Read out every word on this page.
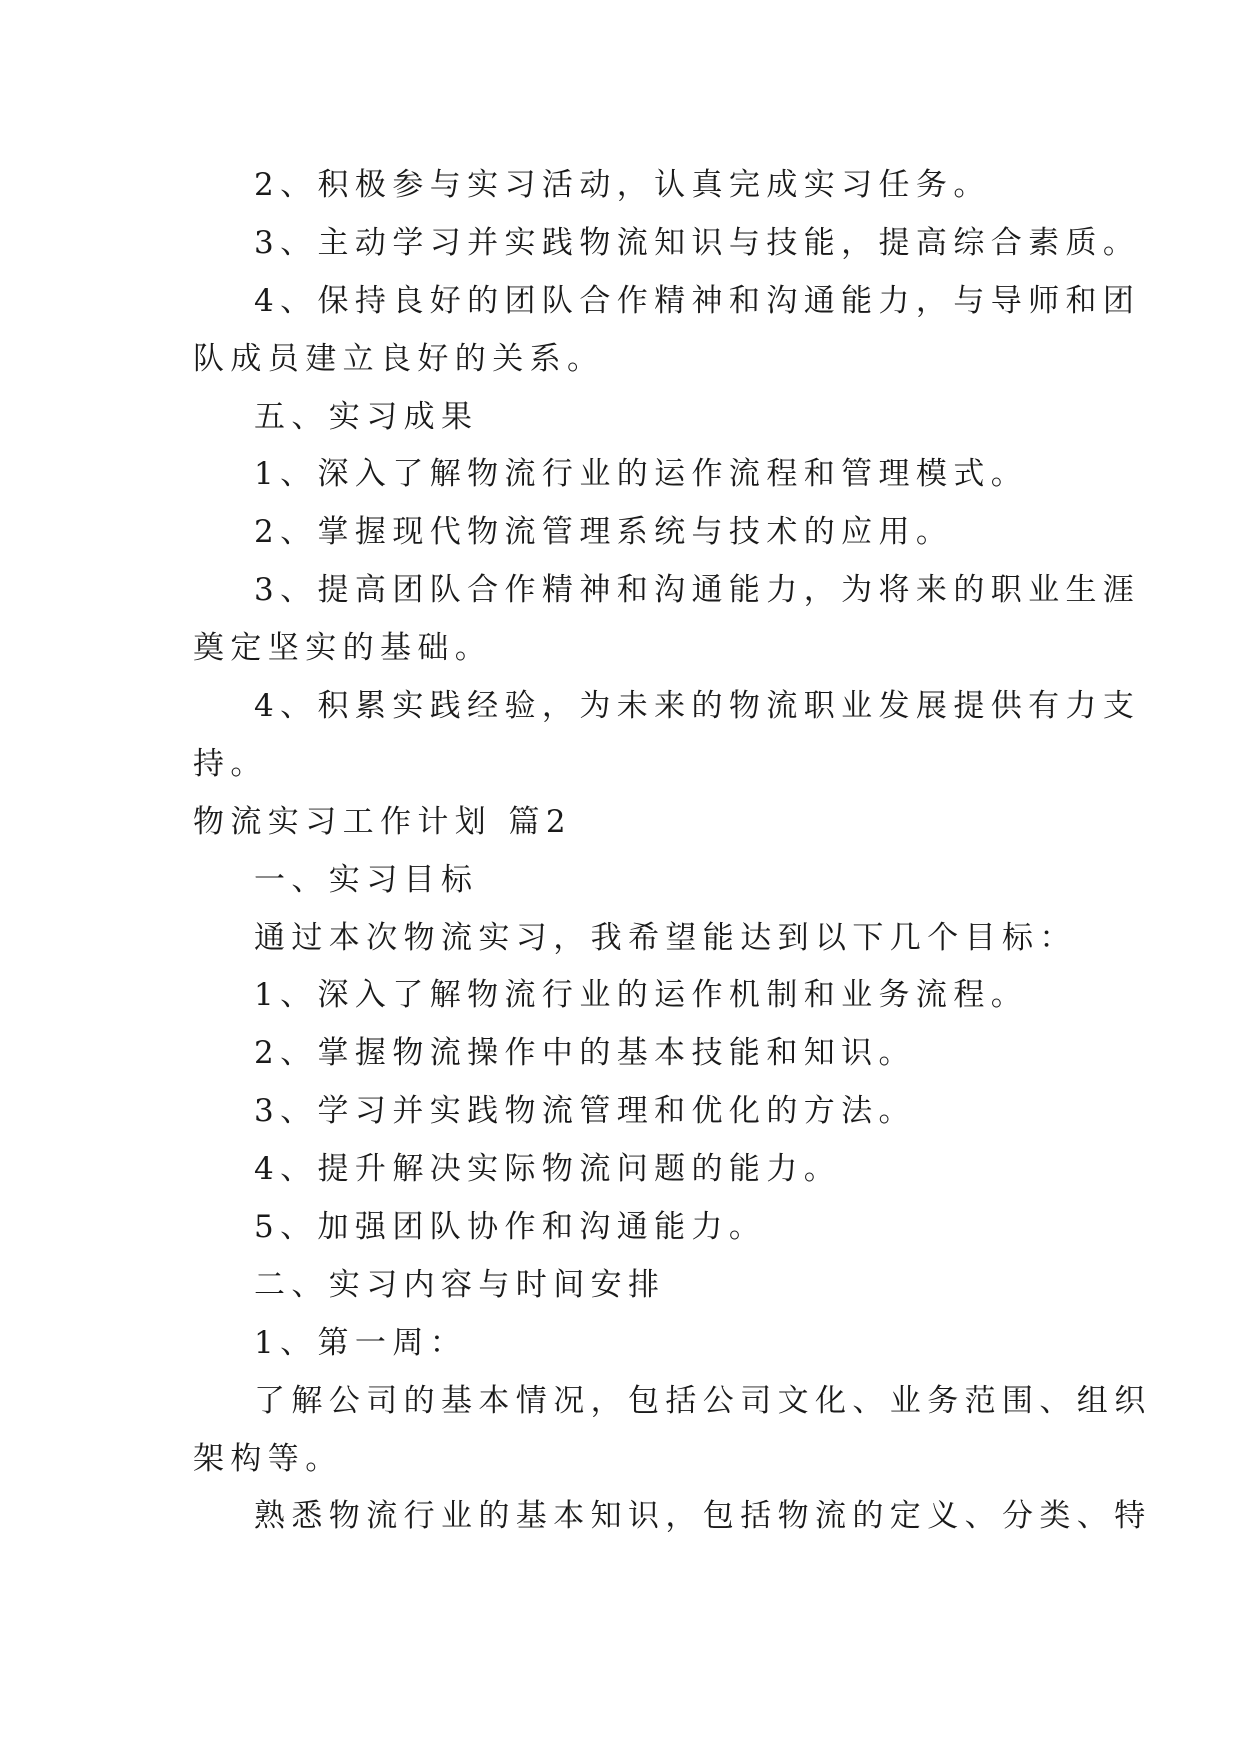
2、积极参与实习活动，认真完成实习任务。

3、主动学习并实践物流知识与技能，提高综合素质。

4、保持良好的团队合作精神和沟通能力，与导师和团

队成员建立良好的关系。

五、实习成果

1、深入了解物流行业的运作流程和管理模式。

2、掌握现代物流管理系统与技术的应用。

3、提高团队合作精神和沟通能力，为将来的职业生涯

奠定坚实的基础。

4、积累实践经验，为未来的物流职业发展提供有力支

持。

物流实习工作计划 篇2

一、实习目标

通过本次物流实习，我希望能达到以下几个目标：

1、深入了解物流行业的运作机制和业务流程。

2、掌握物流操作中的基本技能和知识。

3、学习并实践物流管理和优化的方法。

4、提升解决实际物流问题的能力。

5、加强团队协作和沟通能力。

二、实习内容与时间安排

1、第一周：

了解公司的基本情况，包括公司文化、业务范围、组织

架构等。

熟悉物流行业的基本知识，包括物流的定义、分类、特
